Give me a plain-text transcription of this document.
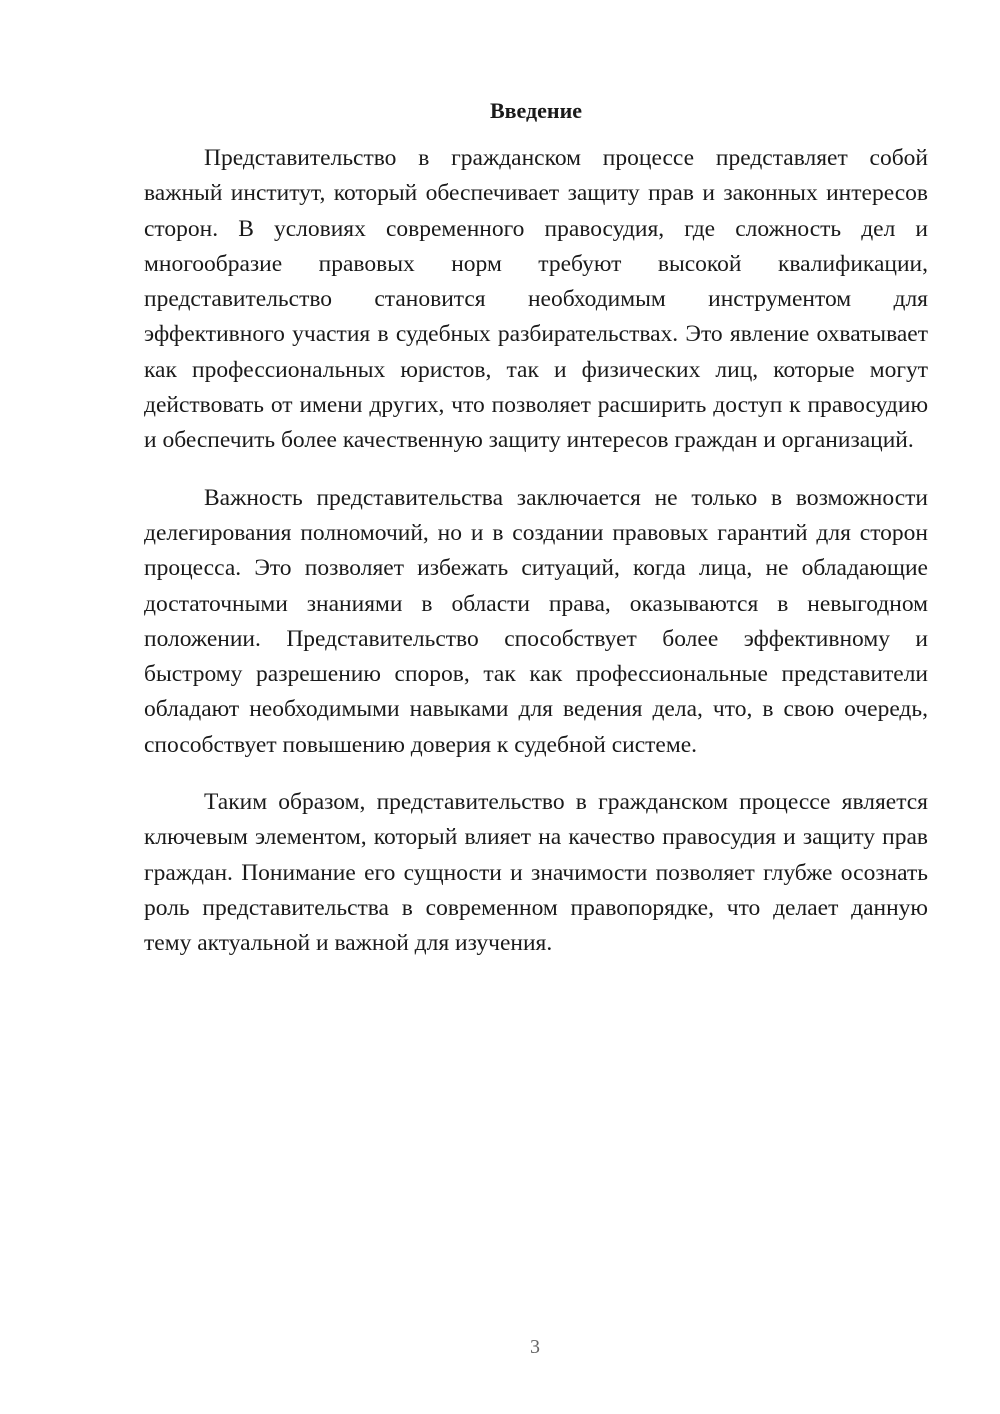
Введение

Представительство в гражданском процессе представляет собой важный институт, который обеспечивает защиту прав и законных интересов сторон. В условиях современного правосудия, где сложность дел и многообразие правовых норм требуют высокой квалификации, представительство становится необходимым инструментом для эффективного участия в судебных разбирательствах. Это явление охватывает как профессиональных юристов, так и физических лиц, которые могут действовать от имени других, что позволяет расширить доступ к правосудию и обеспечить более качественную защиту интересов граждан и организаций.

Важность представительства заключается не только в возможности делегирования полномочий, но и в создании правовых гарантий для сторон процесса. Это позволяет избежать ситуаций, когда лица, не обладающие достаточными знаниями в области права, оказываются в невыгодном положении. Представительство способствует более эффективному и быстрому разрешению споров, так как профессиональные представители обладают необходимыми навыками для ведения дела, что, в свою очередь, способствует повышению доверия к судебной системе.

Таким образом, представительство в гражданском процессе является ключевым элементом, который влияет на качество правосудия и защиту прав граждан. Понимание его сущности и значимости позволяет глубже осознать роль представительства в современном правопорядке, что делает данную тему актуальной и важной для изучения.

3
